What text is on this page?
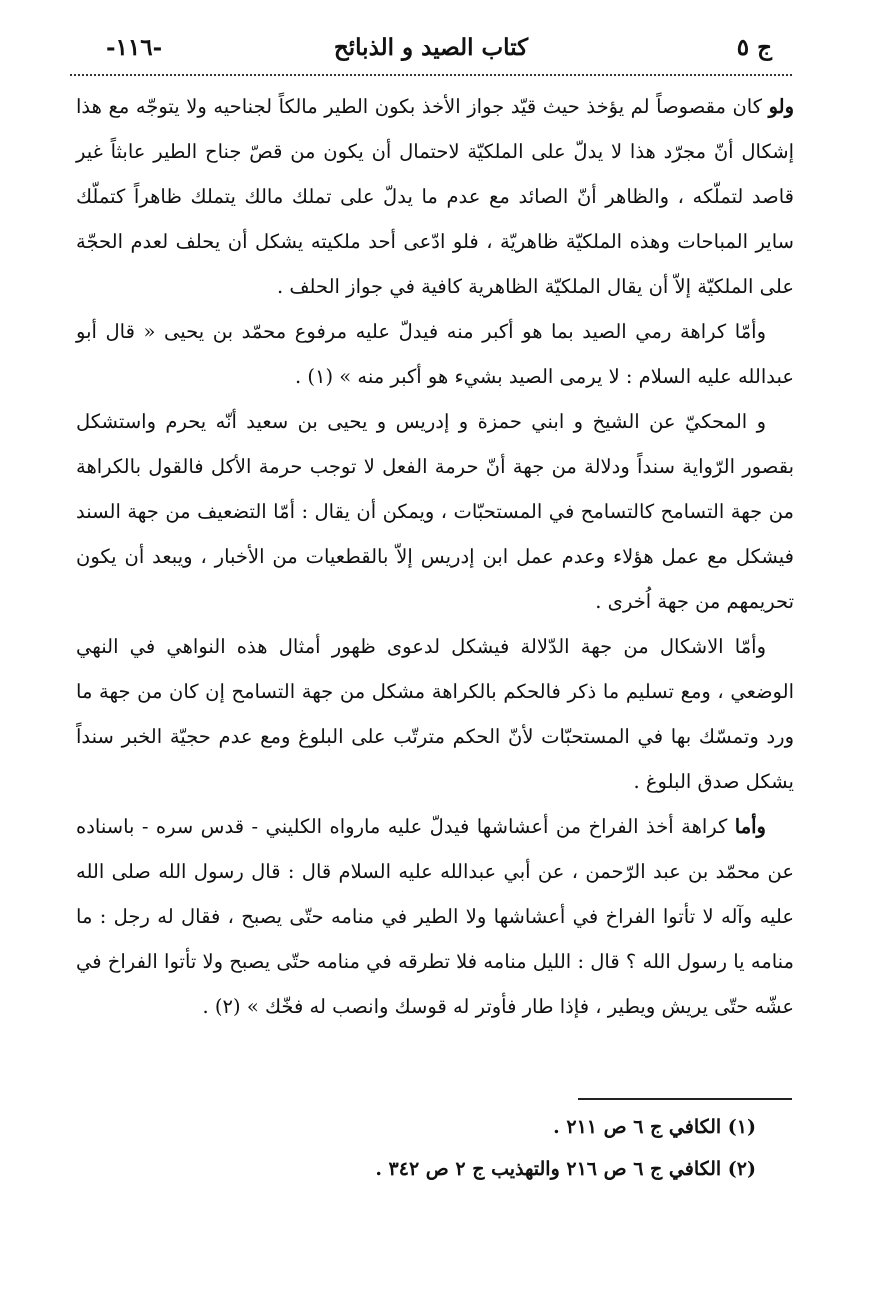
ج ٥
كتاب الصيد و الذبائح
-١١٦-

ولو كان مقصوصاً لم يؤخذ حيث قيّد جواز الأخذ بكون الطير مالكاً لجناحيه ولا يتوجّه مع هذا إشكال أنّ مجرّد هذا لا يدلّ على الملكيّة لاحتمال أن يكون من قصّ جناح الطير عابثاً غير قاصد لتملّكه ، والظاهر أنّ الصائد مع عدم ما يدلّ على تملك مالك يتملك ظاهراً كتملّك ساير المباحات وهذه الملكيّة ظاهريّة ، فلو ادّعى أحد ملكيته يشكل أن يحلف لعدم الحجّة على الملكيّة إلاّ أن يقال الملكيّة الظاهرية كافية في جواز الحلف .

وأمّا كراهة رمي الصيد بما هو أكبر منه فيدلّ عليه مرفوع محمّد بن يحيى « قال أبو عبدالله عليه السلام : لا يرمى الصيد بشيء هو أكبر منه » (١) .

و المحكيّ عن الشيخ و ابني حمزة و إدريس و يحيى بن سعيد أنّه يحرم واستشكل بقصور الرّواية سنداً ودلالة من جهة أنّ حرمة الفعل لا توجب حرمة الأكل فالقول بالكراهة من جهة التسامح كالتسامح في المستحبّات ، ويمكن أن يقال : أمّا التضعيف من جهة السند فيشكل مع عمل هؤلاء وعدم عمل ابن إدريس إلاّ بالقطعيات من الأخبار ، ويبعد أن يكون تحريمهم من جهة اُخرى .

وأمّا الاشكال من جهة الدّلالة فيشكل لدعوى ظهور أمثال هذه النواهي في النهي الوضعي ، ومع تسليم ما ذكر فالحكم بالكراهة مشكل من جهة التسامح إن كان من جهة ما ورد وتمسّك بها في المستحبّات لأنّ الحكم مترتّب على البلوغ ومع عدم حجيّة الخبر سنداً يشكل صدق البلوغ .

وأما كراهة أخذ الفراخ من أعشاشها فيدلّ عليه مارواه الكليني - قدس سره - باسناده عن محمّد بن عبد الرّحمن ، عن أبي عبدالله عليه السلام قال : قال رسول الله صلى الله عليه وآله لا تأتوا الفراخ في أعشاشها ولا الطير في منامه حتّى يصبح ، فقال له رجل : ما منامه يا رسول الله ؟ قال : الليل منامه فلا تطرقه في منامه حتّى يصبح ولا تأتوا الفراخ في عشّه حتّى يريش ويطير ، فإذا طار فأوتر له قوسك وانصب له فخّك » (٢) .

(١) الكافي ج ٦ ص ٢١١ .
(٢) الكافي ج ٦ ص ٢١٦ والتهذيب ج ٢ ص ٣٤٢ .
